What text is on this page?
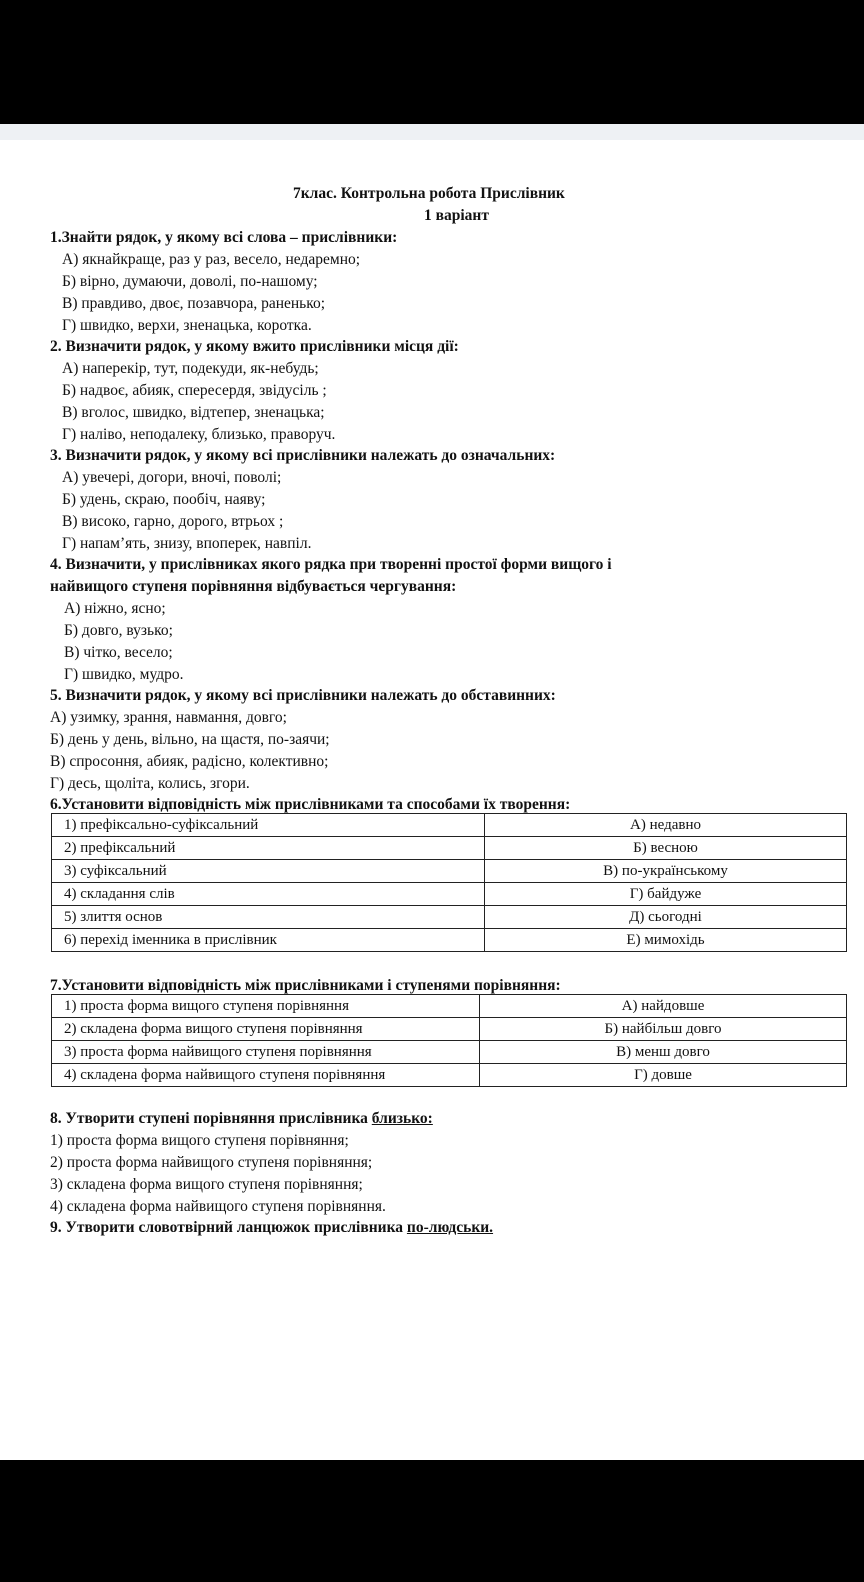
7клас. Контрольна робота Прислівник
1 варіант
1.Знайти рядок, у якому всі слова – прислівники:
А) якнайкраще, раз у раз, весело, недаремно;
Б) вірно, думаючи, доволі, по-нашому;
В) правдиво, двоє, позавчора, раненько;
Г) швидко, верхи, зненацька, коротка.
2. Визначити рядок, у якому вжито прислівники місця дії:
А) наперекір, тут, подекуди, як-небудь;
Б) надвоє, абияк, спересердя, звідусіль ;
В) вголос, швидко, відтепер, зненацька;
Г) наліво, неподалеку, близько, праворуч.
3. Визначити рядок, у якому всі прислівники належать до означальних:
А) увечері, догори, вночі, поволі;
Б) удень, скраю, пообіч, наяву;
В) високо, гарно, дорого, втрьох ;
Г) напам’ять, знизу, впоперек, навпіл.
4. Визначити, у прислівниках якого рядка при творенні простої форми вищого і
найвищого ступеня порівняння відбувається чергування:
А) ніжно, ясно;
Б) довго, вузько;
В) чітко, весело;
Г) швидко, мудро.
5. Визначити рядок, у якому всі прислівники належать до обставинних:
А) узимку, зрання, навмання, довго;
Б) день у день, вільно, на щастя, по-заячи;
В) спросоння, абияк, радісно, колективно;
Г) десь, щоліта, колись, згори.
6.Установити відповідність між прислівниками та способами їх творення:
1) префіксально-суфіксальний	А) недавно
2) префіксальний	Б) весною
3) суфіксальний	В) по-українському
4) складання слів	Г) байдуже
5) злиття основ	Д) сьогодні
6) перехід іменника в прислівник	Е) мимохідь
7.Установити відповідність між прислівниками і ступенями порівняння:
1) проста форма вищого ступеня порівняння	А) найдовше
2) складена форма вищого ступеня порівняння	Б) найбільш довго
3) проста форма найвищого ступеня порівняння	В) менш довго
4) складена форма найвищого ступеня порівняння	Г) довше
8. Утворити ступені порівняння прислівника близько:
1) проста форма вищого ступеня порівняння;
2) проста форма найвищого ступеня порівняння;
3) складена форма вищого ступеня порівняння;
4) складена форма найвищого ступеня порівняння.
9. Утворити словотвірний ланцюжок прислівника по-людськи.
